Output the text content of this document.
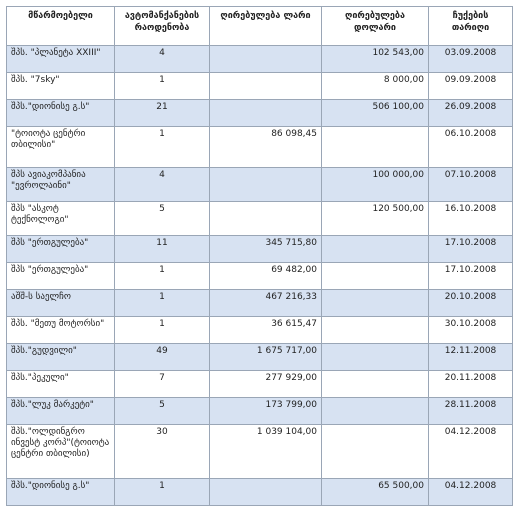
მწარმოებელი	ავტომანქანების რაოდენობა	ღირებულება ლარი	ღირებულება დოლარი	ჩუქების თარიღი
შპს. "პლანეტა XXIII"	4		102 543,00	03.09.2008
შპს. "7sky"	1		8 000,00	09.09.2008
შპს."დიონისე გ.ს"	21		506 100,00	26.09.2008
"ტოიოტა ცენტრი თბილისი"	1	86 098,45		06.10.2008
შპს ავიაკომპანია "ევროლაინი"	4		100 000,00	07.10.2008
შპს "ასკოტ ტექნოლოგი"	5		120 500,00	16.10.2008
შპს "ერთგულება"	11	345 715,80		17.10.2008
შპს "ერთგულება"	1	69 482,00		17.10.2008
აშშ-ს საელჩო	1	467 216,33		20.10.2008
შპს. "მეთუ მოტორსი"	1	36 615,47		30.10.2008
შპს."გუდვილი"	49	1 675 717,00		12.11.2008
შპს."პეკული"	7	277 929,00		20.11.2008
შპს."ლუკ მარკეტი"	5	173 799,00		28.11.2008
შპს."ოლდინგრო ინვესტ კორპ"(ტოიოტა ცენტრი თბილისი)	30	1 039 104,00		04.12.2008
შპს."დიონისე გ.ს"	1		65 500,00	04.12.2008
